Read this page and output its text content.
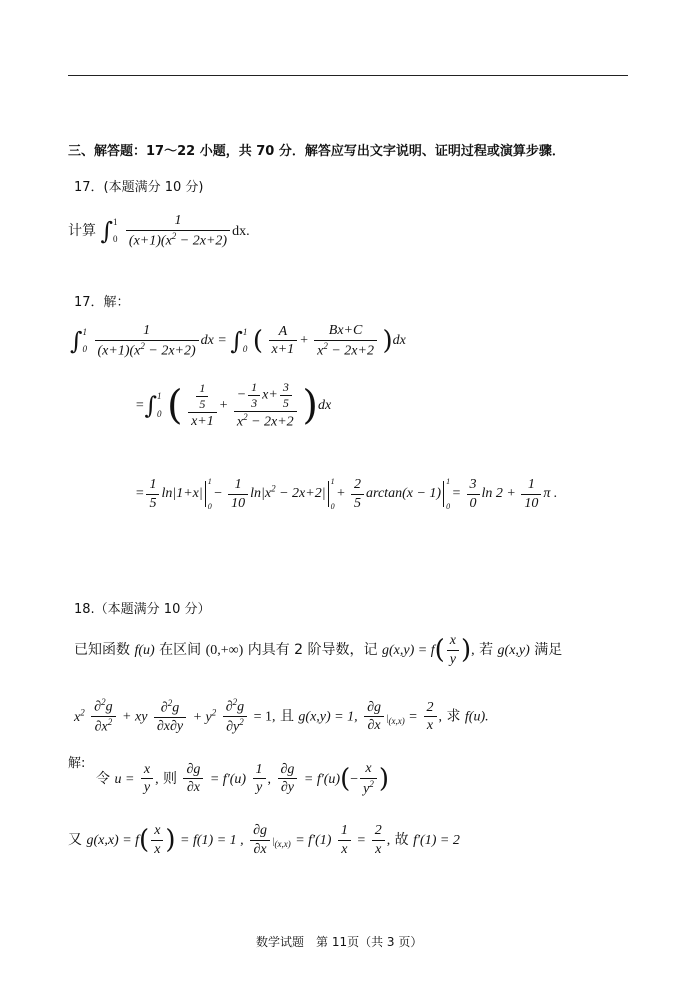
三、解答题：17～22 小题，共 70 分．解答应写出文字说明、证明过程或演算步骤．
17．(本题满分 10 分)
计算 ∫ 1
0
$\frac{1}{(x+1)(x^2 - 2x+2)}$ dx.
17．解：
∫ 1
0
$\frac{1}{(x+1)(x^2 - 2x+2)}$ dx = ∫ 1
0 ( $\frac{A}{x+1} + \frac{Bx+C}{x^2 - 2x+2} )dx$
=∫ 1
0 ( $\frac{\frac{1}{5}}{x+1} + \frac{- \frac{1}{3} x+ \frac{3}{5}}{x^2 - 2x+2} )dx$
= $\frac{1}{5} \ln|1+x|$
1
0
− $\frac{1}{10} \ln|x^2 - 2x+2|$
1
0
+ $\frac{2}{5} \arctan(x - 1)$
1
0
= $\frac{3}{0}$ $\ln 2 + \frac{1}{10}$ π .
18.（本题满分 10 分）
已知函数 f(u) 在区间 (0,+∞) 内具有 2 阶导数，记 $g(x,y) = f( \frac{x}{y}$ ), 若 g(x,y) 满足
$x^2 \frac{\partial^2g}{\partial x^2}$ + xy $\frac{\partial^2g}{\partial x\partial y} + y^2 \frac{\partial^2g}{\partial y^2} = 1$, 且 g(x,y) = 1, $\frac{\partial g}{\partial x} |_{(x,x)} = \frac{2}{x}$ , 求 f(u).
解:
令 $u = \frac{x}{y}$ , 则 $\frac{\partial g}{\partial x} = f'(u) \frac{1}{y}$ , $\frac{\partial g}{\partial y} = f'(u)(- \frac{x}{y^2}$ )
又 $g(x,x) = f( \frac{x}{x}$ ) = f(1) = 1 , $\frac{\partial g}{\partial x} |_{(x,x)} = f'(1) \frac{1}{x} = \frac{2}{x}$ , 故 f′(1) = 2
数学试题　第 11页（共 3 页）
